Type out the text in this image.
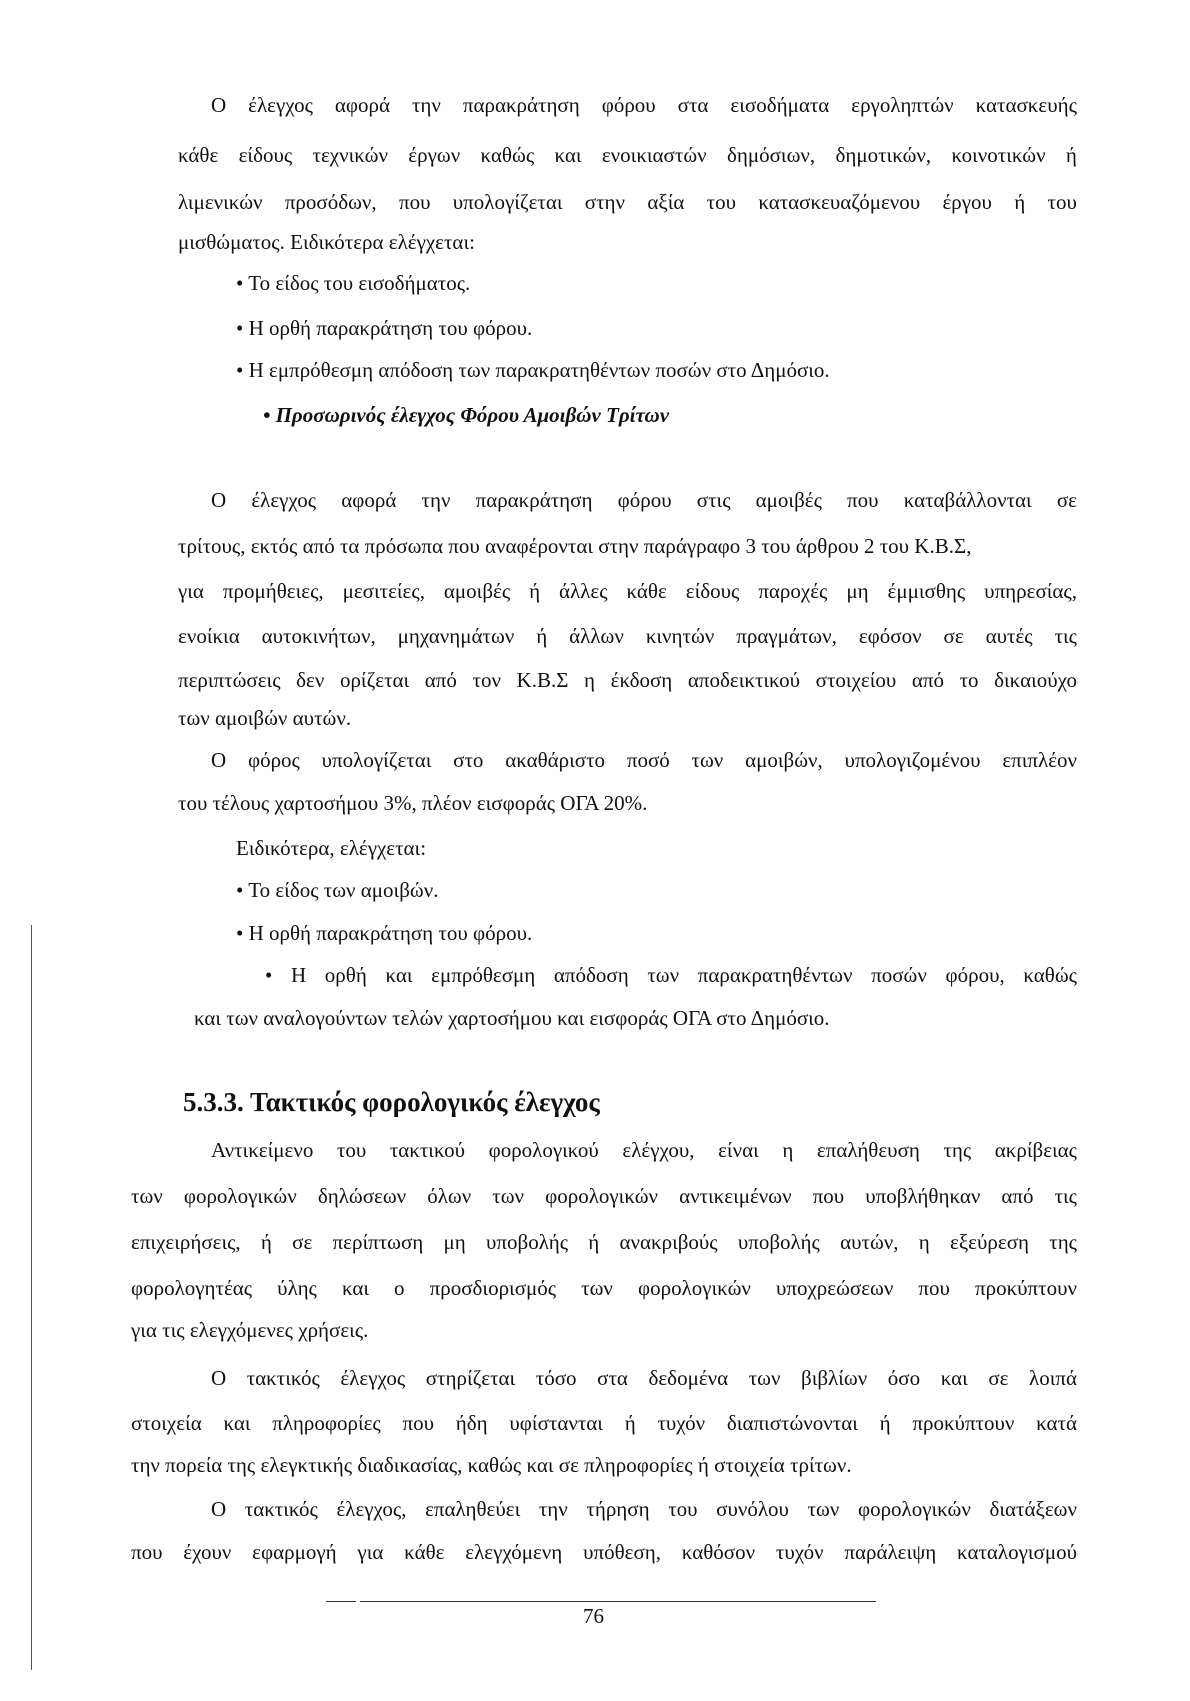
Ο έλεγχος αφορά την παρακράτηση φόρου στα εισοδήματα εργοληπτών κατασκευής
κάθε είδους τεχνικών έργων καθώς και ενοικιαστών δημόσιων, δημοτικών, κοινοτικών ή
λιμενικών προσόδων, που υπολογίζεται στην αξία του κατασκευαζόμενου έργου ή του
μισθώματος. Ειδικότερα ελέγχεται:
• Το είδος του εισοδήματος.
• Η ορθή παρακράτηση του φόρου.
• Η εμπρόθεσμη απόδοση των παρακρατηθέντων ποσών στο Δημόσιο.
• Προσωρινός έλεγχος Φόρου Αμοιβών Τρίτων
Ο έλεγχος αφορά την παρακράτηση φόρου στις αμοιβές που καταβάλλονται σε
τρίτους, εκτός από τα πρόσωπα που αναφέρονται στην παράγραφο 3 του άρθρου 2 του Κ.Β.Σ,
για προμήθειες, μεσιτείες, αμοιβές ή άλλες κάθε είδους παροχές μη έμμισθης υπηρεσίας,
ενοίκια αυτοκινήτων, μηχανημάτων ή άλλων κινητών πραγμάτων, εφόσον σε αυτές τις
περιπτώσεις δεν ορίζεται από τον Κ.Β.Σ η έκδοση αποδεικτικού στοιχείου από το δικαιούχο
των αμοιβών αυτών.
Ο φόρος υπολογίζεται στο ακαθάριστο ποσό των αμοιβών, υπολογιζομένου επιπλέον
του τέλους χαρτοσήμου 3%, πλέον εισφοράς ΟΓΑ 20%.
Ειδικότερα, ελέγχεται:
• Το είδος των αμοιβών.
• Η ορθή παρακράτηση του φόρου.
• Η ορθή και εμπρόθεσμη απόδοση των παρακρατηθέντων ποσών φόρου, καθώς
και των αναλογούντων τελών χαρτοσήμου και εισφοράς ΟΓΑ στο Δημόσιο.
5.3.3. Τακτικός φορολογικός έλεγχος
Αντικείμενο του τακτικού φορολογικού ελέγχου, είναι η επαλήθευση της ακρίβειας
των φορολογικών δηλώσεων όλων των φορολογικών αντικειμένων που υποβλήθηκαν από τις
επιχειρήσεις, ή σε περίπτωση μη υποβολής ή ανακριβούς υποβολής αυτών, η εξεύρεση της
φορολογητέας ύλης και ο προσδιορισμός των φορολογικών υποχρεώσεων που προκύπτουν
για τις ελεγχόμενες χρήσεις.
Ο τακτικός έλεγχος στηρίζεται τόσο στα δεδομένα των βιβλίων όσο και σε λοιπά
στοιχεία και πληροφορίες που ήδη υφίστανται ή τυχόν διαπιστώνονται ή προκύπτουν κατά
την πορεία της ελεγκτικής διαδικασίας, καθώς και σε πληροφορίες ή στοιχεία τρίτων.
Ο τακτικός έλεγχος, επαληθεύει την τήρηση του συνόλου των φορολογικών διατάξεων
που έχουν εφαρμογή για κάθε ελεγχόμενη υπόθεση, καθόσον τυχόν παράλειψη καταλογισμού
76
